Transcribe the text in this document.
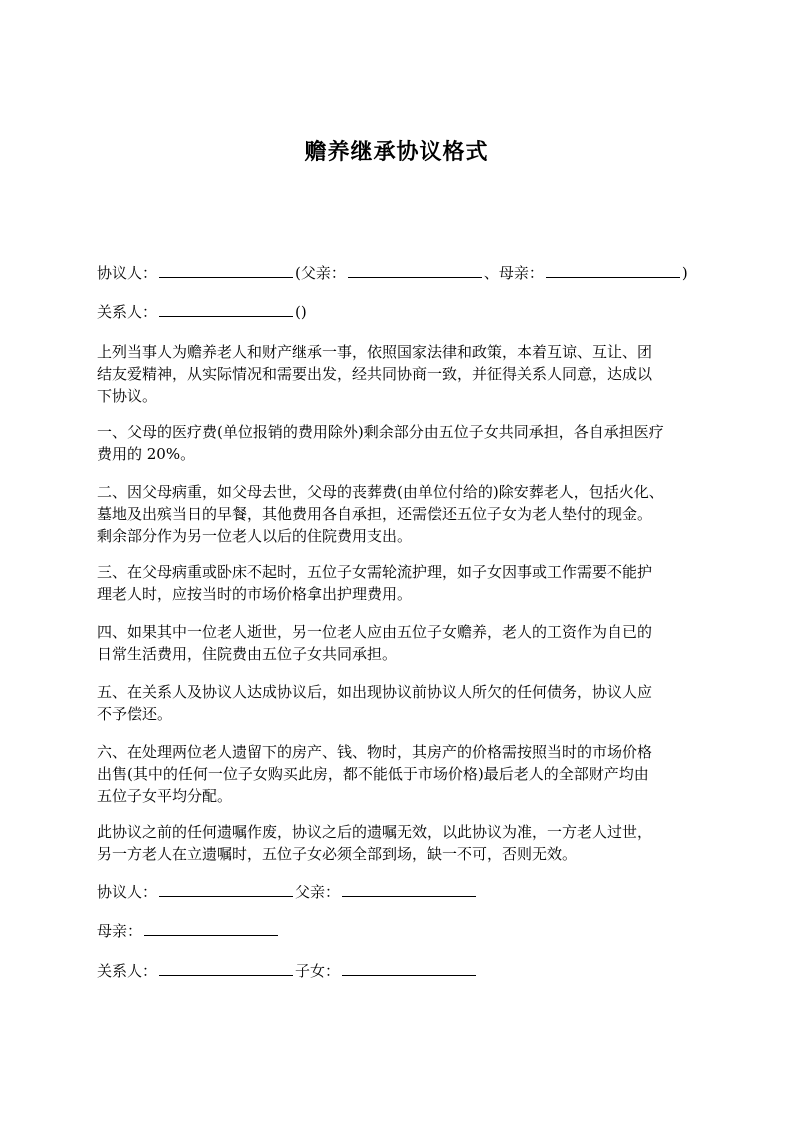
赡养继承协议格式
协议人：	(父亲：	、母亲：	)
关系人：	()
上列当事人为赡养老人和财产继承一事，依照国家法律和政策，本着互谅、互让、团
结友爱精神，从实际情况和需要出发，经共同协商一致，并征得关系人同意，达成以
下协议。
一、父母的医疗费(单位报销的费用除外)剩余部分由五位子女共同承担，各自承担医疗
费用的 20%。
二、因父母病重，如父母去世，父母的丧葬费(由单位付给的)除安葬老人，包括火化、
墓地及出殡当日的早餐，其他费用各自承担，还需偿还五位子女为老人垫付的现金。
剩余部分作为另一位老人以后的住院费用支出。
三、在父母病重或卧床不起时，五位子女需轮流护理，如子女因事或工作需要不能护
理老人时，应按当时的市场价格拿出护理费用。
四、如果其中一位老人逝世，另一位老人应由五位子女赡养，老人的工资作为自已的
日常生活费用，住院费由五位子女共同承担。
五、在关系人及协议人达成协议后，如出现协议前协议人所欠的任何债务，协议人应
不予偿还。
六、在处理两位老人遗留下的房产、钱、物时，其房产的价格需按照当时的市场价格
出售(其中的任何一位子女购买此房，都不能低于市场价格)最后老人的全部财产均由
五位子女平均分配。
此协议之前的任何遗嘱作废，协议之后的遗嘱无效，以此协议为准，一方老人过世，
另一方老人在立遗嘱时，五位子女必须全部到场，缺一不可，否则无效。
协议人：	父亲：
母亲：
关系人：	子女：
